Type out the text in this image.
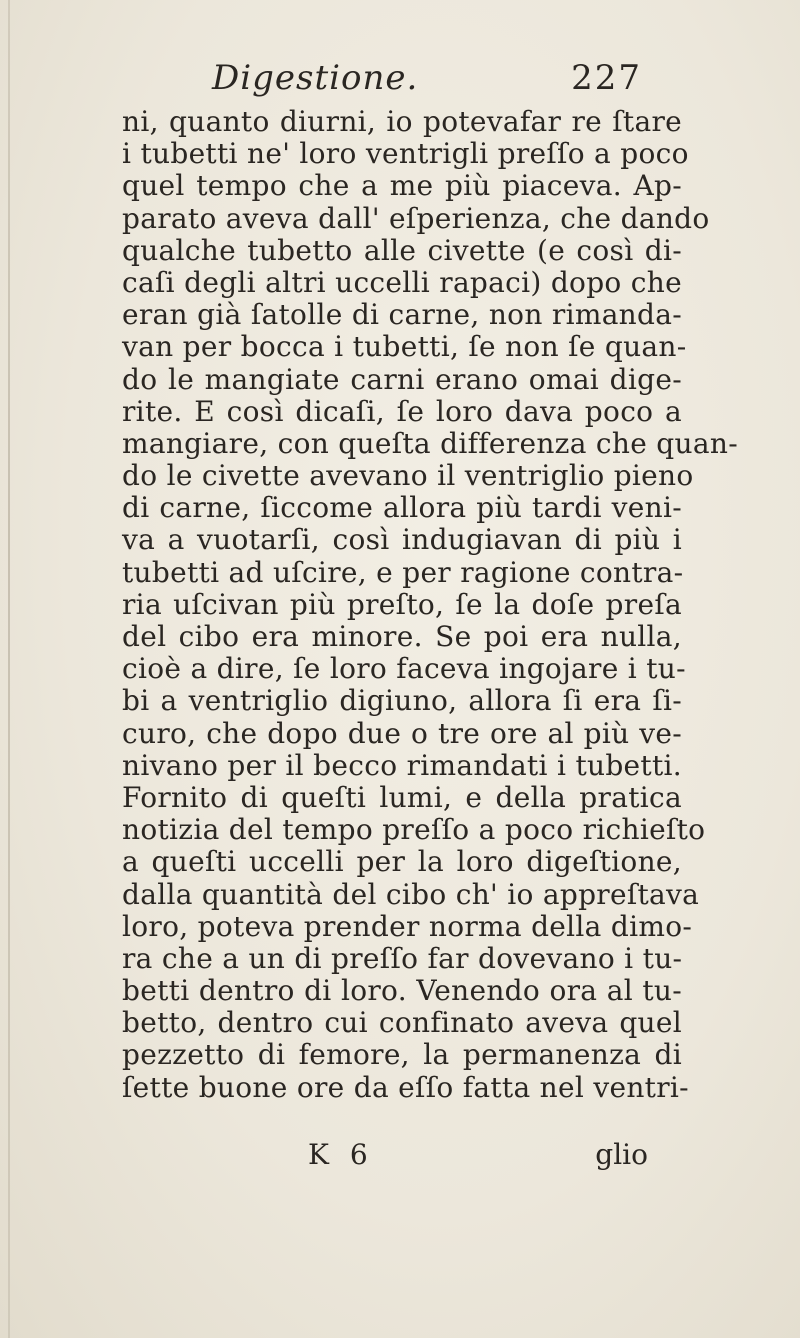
Digestione.	227
ni, quanto diurni, io potevafar re ſtare
i tubetti ne' loro ventrigli preſſo a poco
quel tempo che a me più piaceva. Ap-
parato aveva dall' eſperienza, che dando
qualche tubetto alle civette (e così di-
caſi degli altri uccelli rapaci) dopo che
eran già ſatolle di carne, non rimanda-
van per bocca i tubetti, ſe non ſe quan-
do le mangiate carni erano omai dige-
rite. E così dicaſi, ſe loro dava poco a
mangiare, con queſta differenza che quan-
do le civette avevano il ventriglio pieno
di carne, ſiccome allora più tardi veni-
va a vuotarſi, così indugiavan di più i
tubetti ad uſcire, e per ragione contra-
ria uſcivan più preſto, ſe la doſe preſa
del cibo era minore. Se poi era nulla,
cioè a dire, ſe loro faceva ingojare i tu-
bi a ventriglio digiuno, allora ſi era ſi-
curo, che dopo due o tre ore al più ve-
nivano per il becco rimandati i tubetti.
Fornito di queſti lumi, e della pratica
notizia del tempo preſſo a poco richieſto
a queſti uccelli per la loro digeſtione,
dalla quantità del cibo ch' io appreſtava
loro, poteva prender norma della dimo-
ra che a un di preſſo far dovevano i tu-
betti dentro di loro. Venendo ora al tu-
betto, dentro cui confinato aveva quel
pezzetto di femore, la permanenza di
ſette buone ore da eſſo fatta nel ventri-
K 6	glio
